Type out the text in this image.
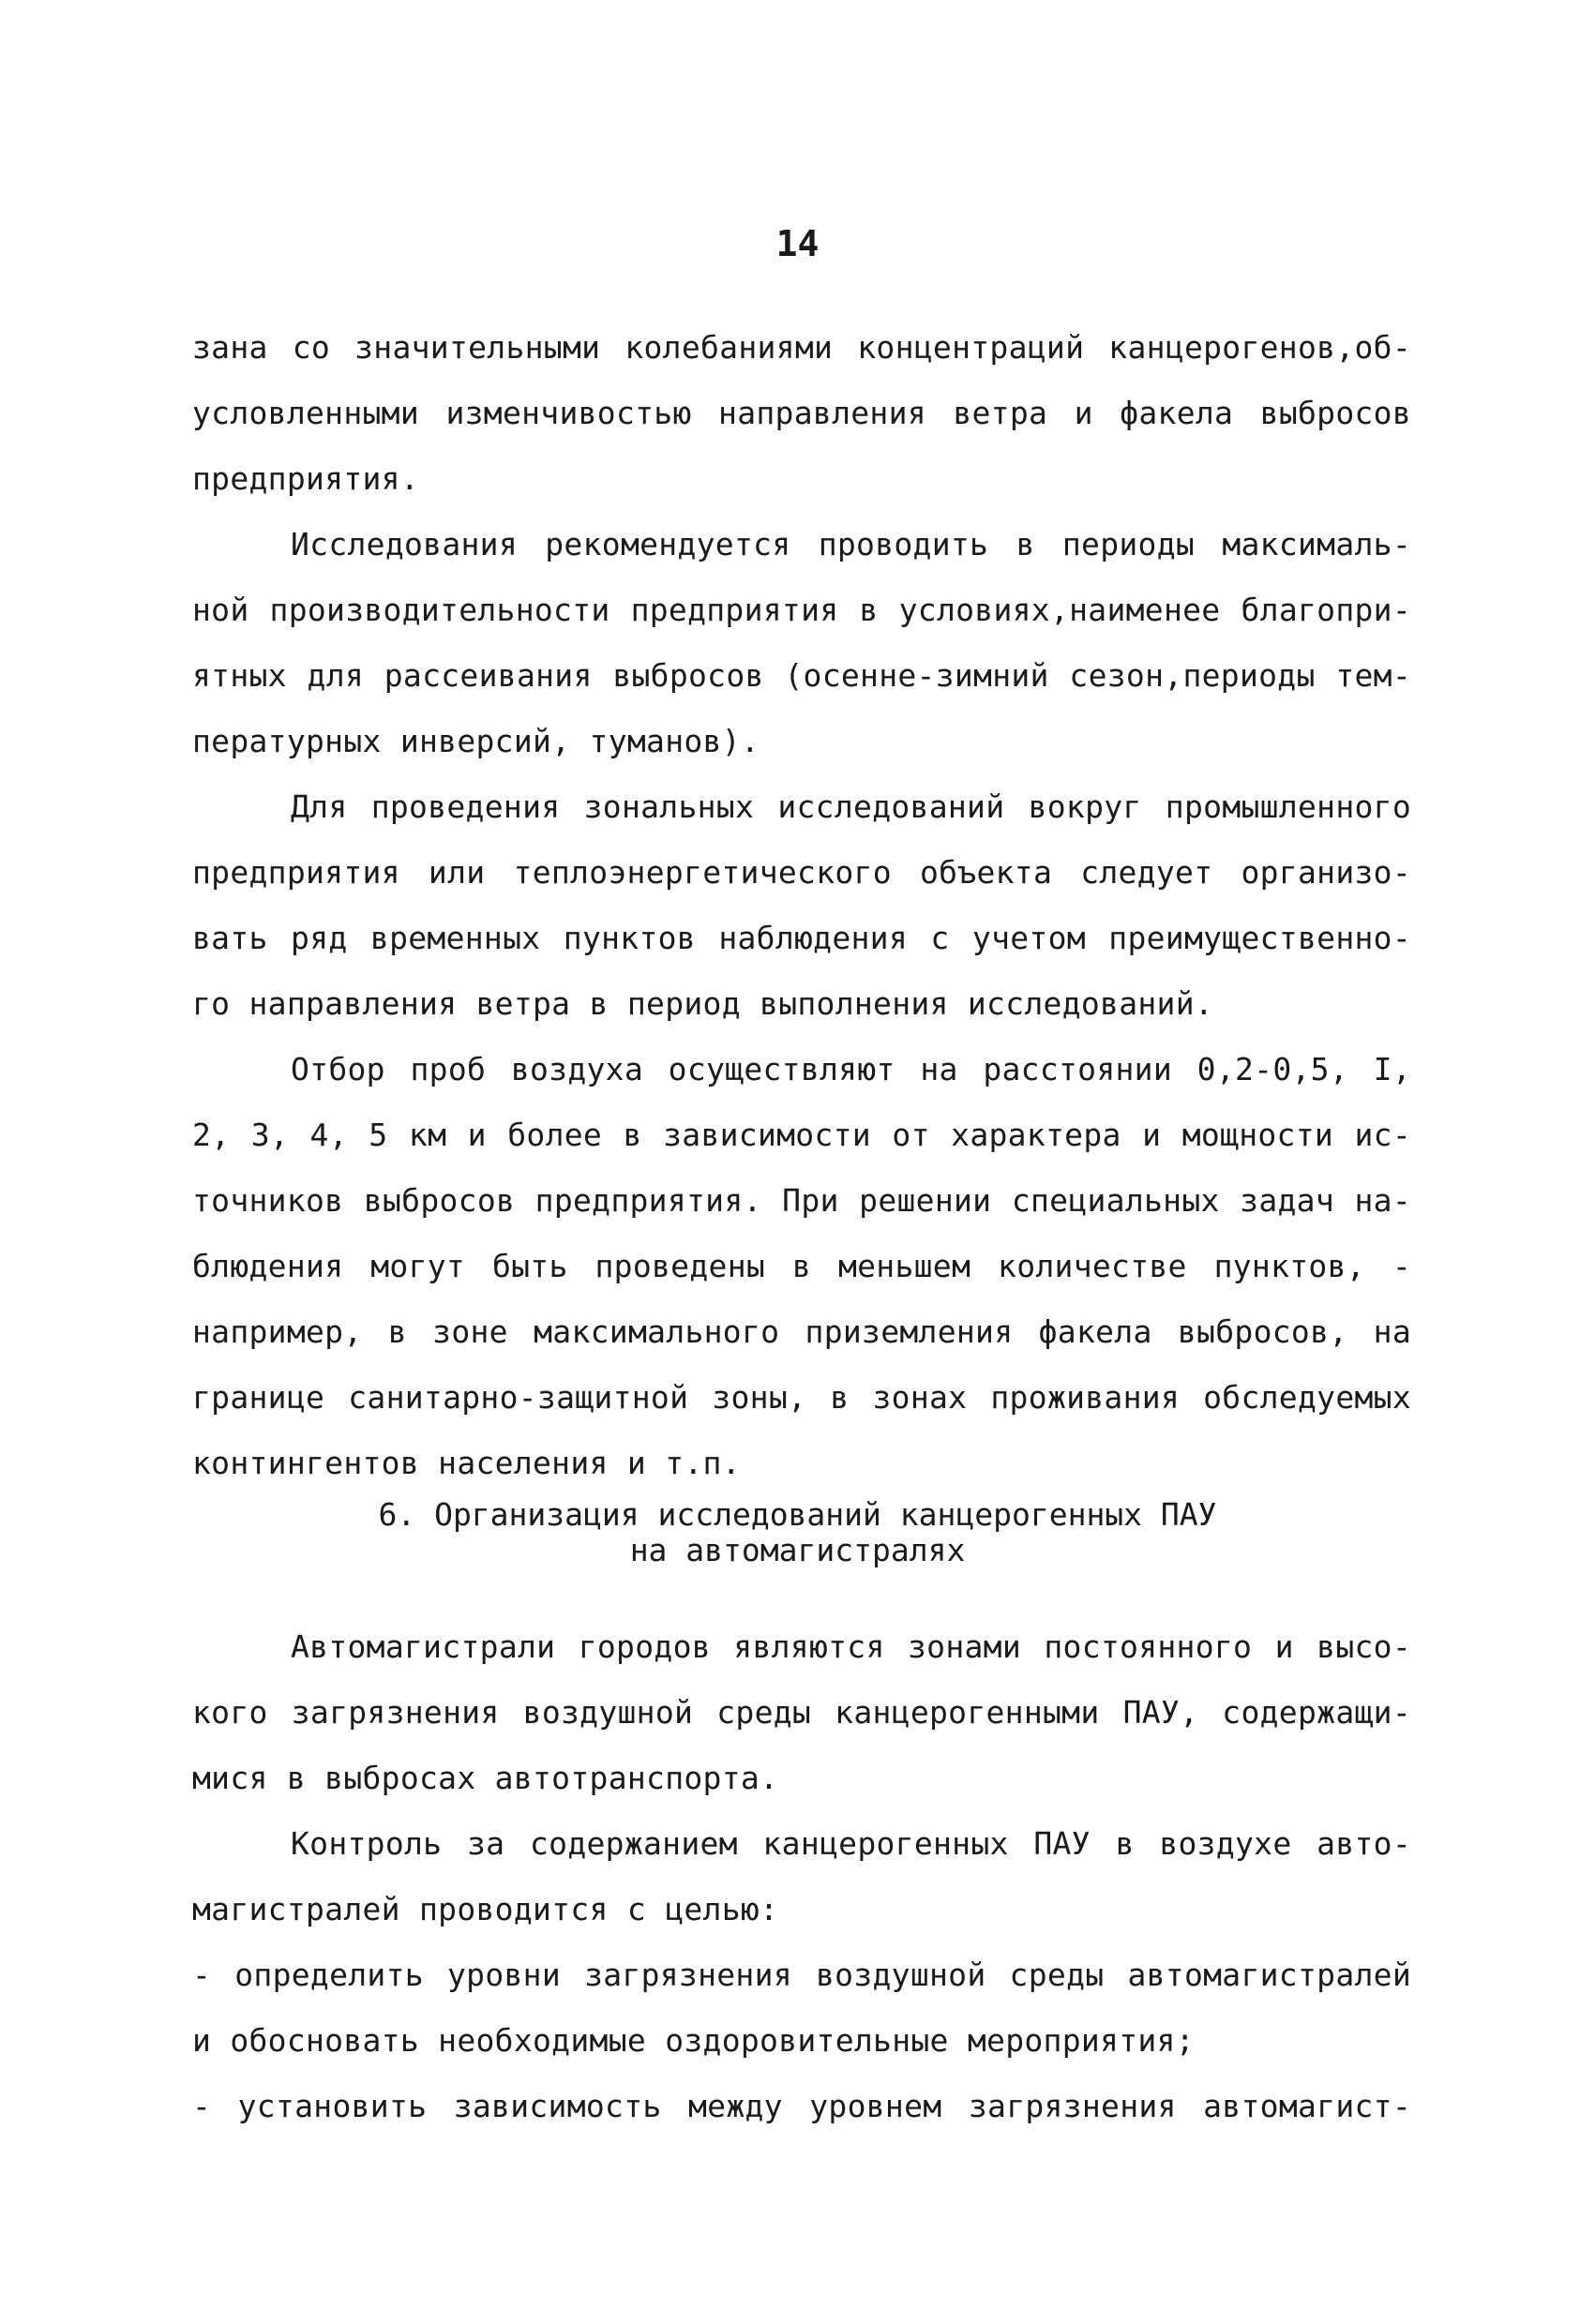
14
зана со значительными колебаниями концентраций канцерогенов,об-
условленными изменчивостью направления ветра и факела выбросов
предприятия.
Исследования рекомендуется проводить в периоды максималь-
ной производительности предприятия в условиях,наименее благопри-
ятных для рассеивания выбросов (осенне-зимний сезон,периоды тем-
пературных инверсий, туманов).
Для проведения зональных исследований вокруг промышленного
предприятия или теплоэнергетического объекта следует организо-
вать ряд временных пунктов наблюдения с учетом преимущественно-
го направления ветра в период выполнения исследований.
Отбор проб воздуха осуществляют на расстоянии 0,2-0,5, I,
2, 3, 4, 5 км и более в зависимости от характера и мощности ис-
точников выбросов предприятия. При решении специальных задач на-
блюдения могут быть проведены в меньшем количестве пунктов, -
например, в зоне максимального приземления факела выбросов, на
границе санитарно-защитной зоны, в зонах проживания обследуемых
контингентов населения и т.п.
6. Организация исследований канцерогенных ПАУ
на автомагистралях
Автомагистрали городов являются зонами постоянного и высо-
кого загрязнения воздушной среды канцерогенными ПАУ, содержащи-
мися в выбросах автотранспорта.
Контроль за содержанием канцерогенных ПАУ в воздухе авто-
магистралей проводится с целью:
- определить уровни загрязнения воздушной среды автомагистралей
и обосновать необходимые оздоровительные мероприятия;
- установить зависимость между уровнем загрязнения автомагист-
